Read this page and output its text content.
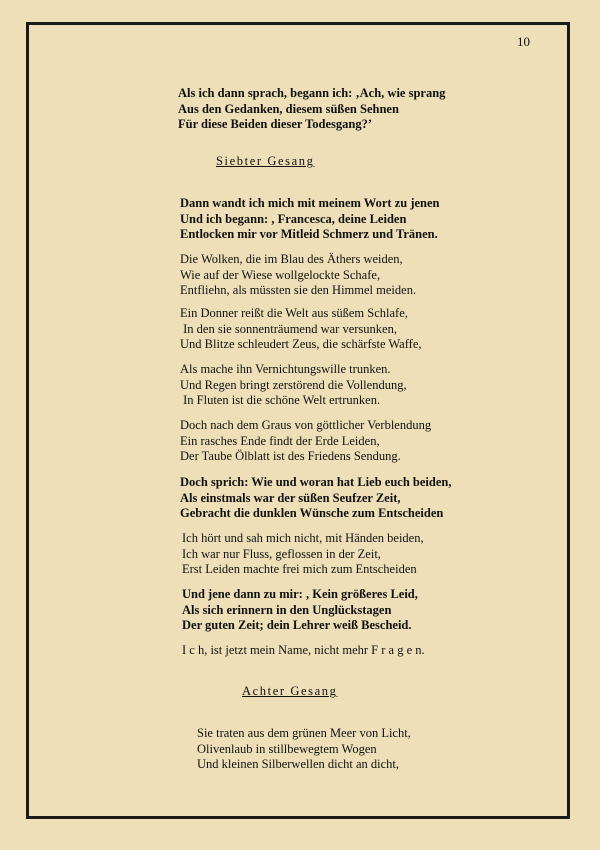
10
Als ich dann sprach, begann ich: ‚Ach, wie sprang
Aus den Gedanken, diesem süßen Sehnen
Für diese Beiden dieser Todesgang?’
Siebter Gesang
Dann wandt ich mich mit meinem Wort zu jenen
Und ich begann: , Francesca, deine Leiden
Entlocken mir vor Mitleid Schmerz und Tränen.
Die Wolken, die im Blau des Äthers weiden,
Wie auf der Wiese wollgelockte Schafe,
Entfliehn, als müssten sie den Himmel meiden.
Ein Donner reißt die Welt aus süßem Schlafe,
In den sie sonnenträumend war versunken,
Und Blitze schleudert Zeus, die schärfste Waffe,
Als mache ihn Vernichtungswille trunken.
Und Regen bringt zerstörend die Vollendung,
In Fluten ist die schöne Welt ertrunken.
Doch nach dem Graus von göttlicher Verblendung
Ein rasches Ende findt der Erde Leiden,
Der Taube Ölblatt ist des Friedens Sendung.
Doch sprich: Wie und woran hat Lieb euch beiden,
Als einstmals war der süßen Seufzer Zeit,
Gebracht die dunklen Wünsche zum Entscheiden
Ich hört und sah mich nicht, mit Händen beiden,
Ich war nur Fluss, geflossen in der Zeit,
Erst Leiden machte frei mich zum Entscheiden
Und jene dann zu mir: , Kein größeres Leid,
Als sich erinnern in den Unglückstagen
Der guten Zeit; dein Lehrer weiß Bescheid.
I c h, ist jetzt mein Name, nicht mehr F r a g e n.
Achter Gesang
Sie traten aus dem grünen Meer von Licht,
Olivenlaub in stillbewegtem Wogen
Und kleinen Silberwellen dicht an dicht,
